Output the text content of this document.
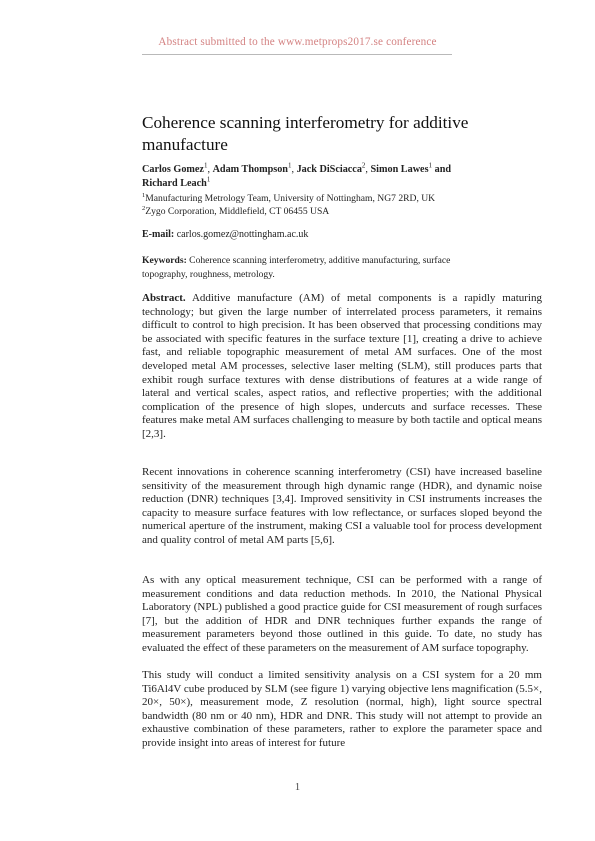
Abstract submitted to the www.metprops2017.se conference
Coherence scanning interferometry for additive manufacture

Carlos Gomez$^1$, Adam Thompson$^1$, Jack DiSciacca$^2$, Simon Lawes$^1$ and
Richard Leach$^1$

$^1$Manufacturing Metrology Team, University of Nottingham, NG7 2RD, UK

$^2$Zygo Corporation, Middlefield, CT 06455 USA

E-mail: carlos.gomez@nottingham.ac.uk

Keywords: Coherence scanning interferometry, additive manufacturing, surface topography, roughness, metrology.

Abstract. Additive manufacture (AM) of metal components is a rapidly maturing technology; but given the large number of interrelated process parameters, it remains difficult to control to high precision. It has been observed that processing conditions may be associated with specific features in the surface texture [1], creating a drive to achieve fast, and reliable topographic measurement of metal AM surfaces. One of the most developed metal AM processes, selective laser melting (SLM), still produces parts that exhibit rough surface textures with dense distributions of features at a wide range of lateral and vertical scales, aspect ratios, and reflective properties; with the additional complication of the presence of high slopes, undercuts and surface recesses. These features make metal AM surfaces challenging to measure by both tactile and optical means [2,3].

Recent innovations in coherence scanning interferometry (CSI) have increased baseline sensitivity of the measurement through high dynamic range (HDR), and dynamic noise reduction (DNR) techniques [3,4]. Improved sensitivity in CSI instruments increases the capacity to measure surface features with low reflectance, or surfaces sloped beyond the numerical aperture of the instrument, making CSI a valuable tool for process development and quality control of metal AM parts [5,6].

As with any optical measurement technique, CSI can be performed with a range of measurement conditions and data reduction methods. In 2010, the National Physical Laboratory (NPL) published a good practice guide for CSI measurement of rough surfaces [7], but the addition of HDR and DNR techniques further expands the range of measurement parameters beyond those outlined in this guide. To date, no study has evaluated the effect of these parameters on the measurement of AM surface topography.

This study will conduct a limited sensitivity analysis on a CSI system for a 20 mm Ti6Al4V cube produced by SLM (see figure 1) varying objective lens magnification (5.5×, 20×, 50×), measurement mode, Z resolution (normal, high), light source spectral bandwidth (80 nm or 40 nm), HDR and DNR. This study will not attempt to provide an exhaustive combination of these parameters, rather to explore the parameter space and provide insight into areas of interest for future

1
